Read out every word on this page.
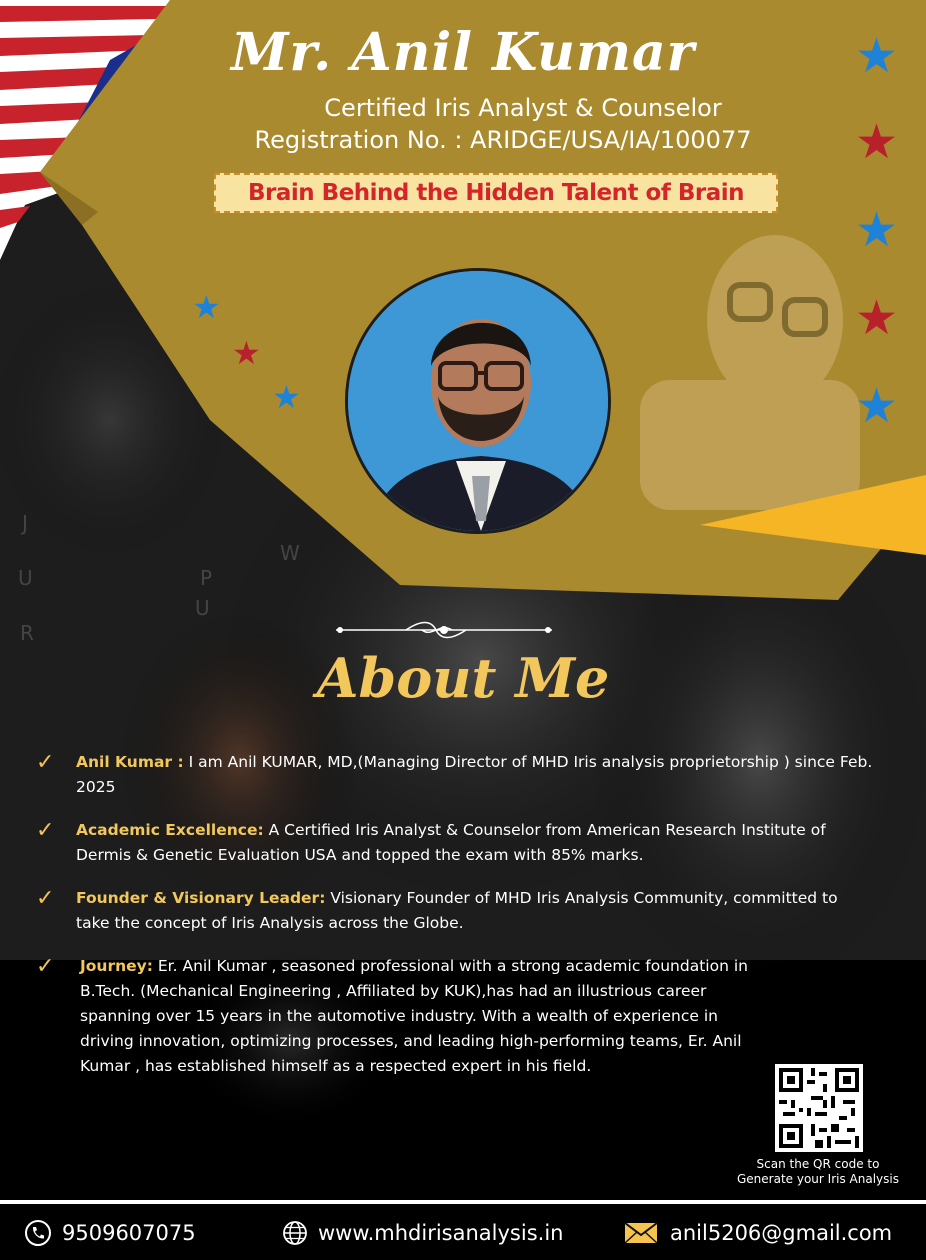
★
★
★
★
★
★
★
★
J
U
R
P
W
U
Mr. Anil Kumar
Certified Iris Analyst & Counselor
Registration No. : ARIDGE/USA/IA/100077
Brain Behind the Hidden Talent of Brain
About Me
✓ Anil Kumar : I am Anil KUMAR, MD,(Managing Director of MHD Iris analysis proprietorship ) since Feb. 2025
✓ Academic Excellence: A Certified Iris Analyst & Counselor from American Research Institute of Dermis & Genetic Evaluation USA and topped the exam with 85% marks.
✓ Founder & Visionary Leader: Visionary Founder of MHD Iris Analysis Community, committed to take the concept of Iris Analysis across the Globe.
✓ Journey: Er. Anil Kumar , seasoned professional with a strong academic foundation in B.Tech. (Mechanical Engineering , Affiliated by KUK),has had an illustrious career spanning over 15 years in the automotive industry. With a wealth of experience in driving innovation, optimizing processes, and leading high-performing teams, Er. Anil Kumar , has established himself as a respected expert in his field.
Scan the QR code to
Generate your Iris Analysis
9509607075	www.mhdirisanalysis.in	anil5206@gmail.com
